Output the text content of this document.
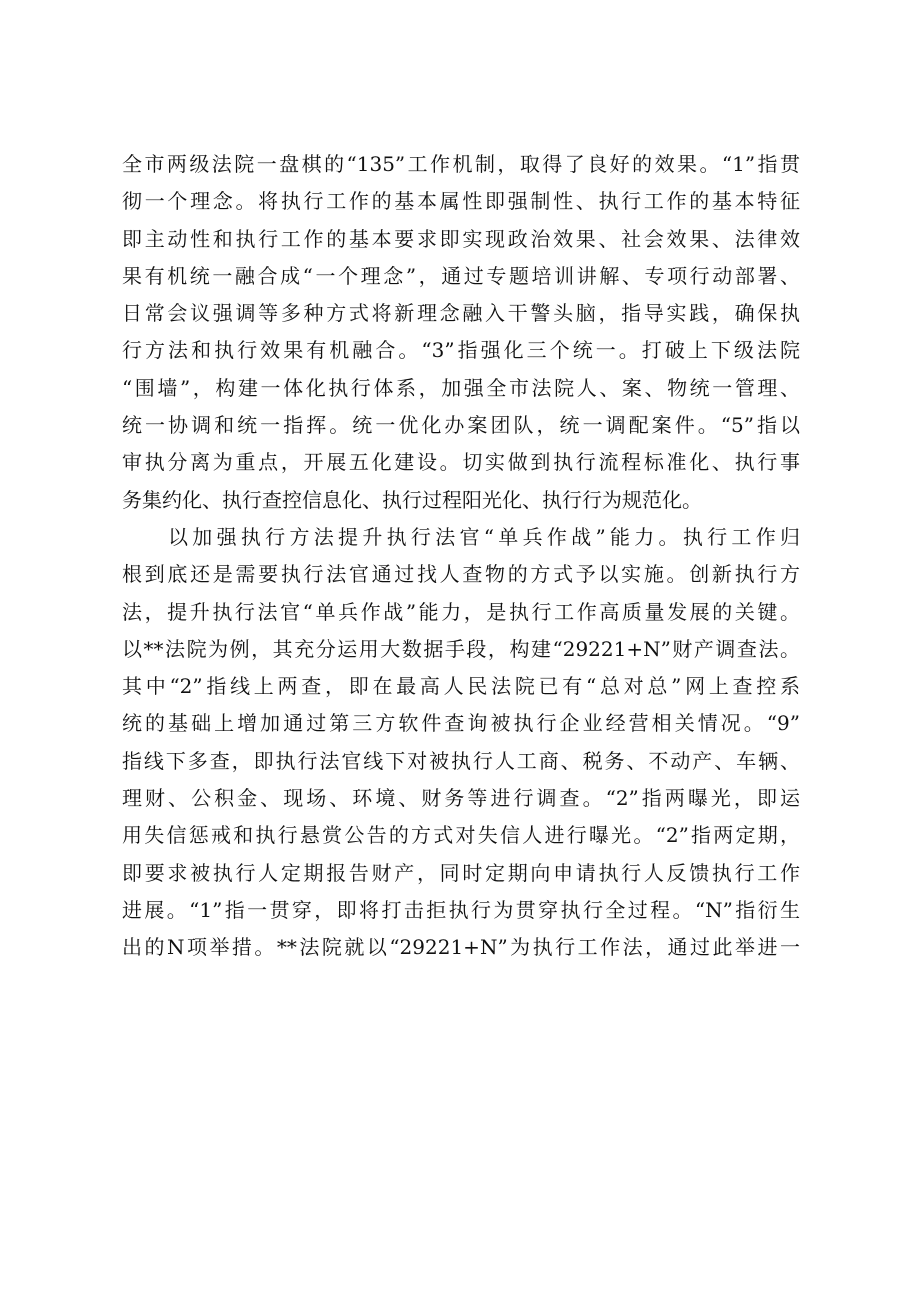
全市两级法院一盘棋的“135”工作机制，取得了良好的效果。“1”指贯
彻一个理念。将执行工作的基本属性即强制性、执行工作的基本特征
即主动性和执行工作的基本要求即实现政治效果、社会效果、法律效
果有机统一融合成“一个理念”，通过专题培训讲解、专项行动部署、
日常会议强调等多种方式将新理念融入干警头脑，指导实践，确保执
行方法和执行效果有机融合。“3”指强化三个统一。打破上下级法院
“围墙”，构建一体化执行体系，加强全市法院人、案、物统一管理、
统一协调和统一指挥。统一优化办案团队，统一调配案件。“5”指以
审执分离为重点，开展五化建设。切实做到执行流程标准化、执行事
务集约化、执行查控信息化、执行过程阳光化、执行行为规范化。

以加强执行方法提升执行法官“单兵作战”能力。执行工作归
根到底还是需要执行法官通过找人查物的方式予以实施。创新执行方
法，提升执行法官“单兵作战”能力，是执行工作高质量发展的关键。
以**法院为例，其充分运用大数据手段，构建“29221+N”财产调查法。
其中“2”指线上两查，即在最高人民法院已有“总对总”网上查控系
统的基础上增加通过第三方软件查询被执行企业经营相关情况。“9”
指线下多查，即执行法官线下对被执行人工商、税务、不动产、车辆、
理财、公积金、现场、环境、财务等进行调查。“2”指两曝光，即运
用失信惩戒和执行悬赏公告的方式对失信人进行曝光。“2”指两定期，
即要求被执行人定期报告财产，同时定期向申请执行人反馈执行工作
进展。“1”指一贯穿，即将打击拒执行为贯穿执行全过程。“N”指衍生
出的N项举措。**法院就以“29221+N”为执行工作法，通过此举进一
